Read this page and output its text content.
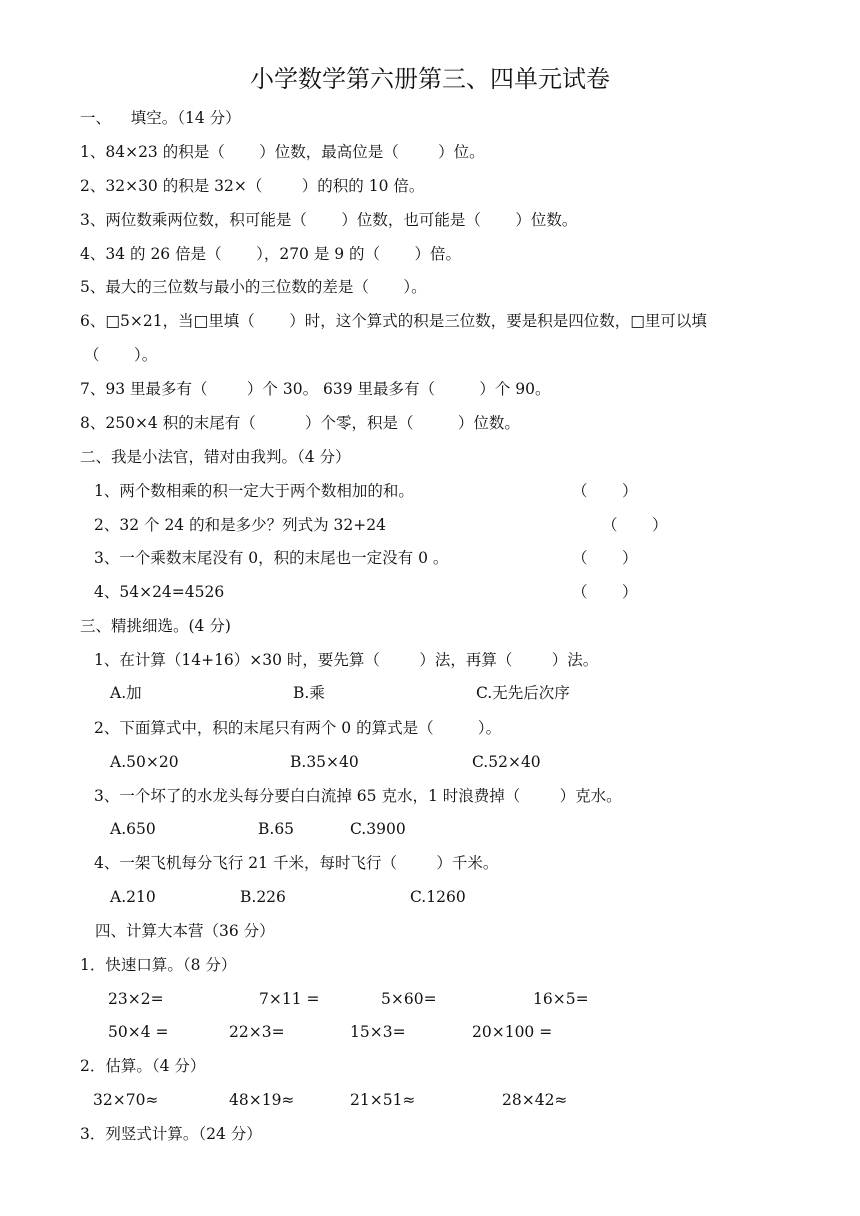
小学数学第六册第三、四单元试卷
一、    填空。（14 分）
1、84×23 的积是（       ）位数，最高位是（        ）位。
2、32×30 的积是 32×（        ）的积的 10 倍。
3、两位数乘两位数，积可能是（       ）位数，也可能是（       ）位数。
4、34 的 26 倍是（       ），270 是 9 的（       ）倍。
5、最大的三位数与最小的三位数的差是（       ）。
6、□5×21，当□里填（       ）时，这个算式的积是三位数，要是积是四位数，□里可以填
（       ）。
7、93 里最多有（        ）个 30。 639 里最多有（         ）个 90。
8、250×4 积的末尾有（          ）个零，积是（         ）位数。
二、我是小法官，错对由我判。（4 分）
1、两个数相乘的积一定大于两个数相加的和。	（       ）
2、32 个 24 的和是多少？列式为 32+24	（       ）
3、一个乘数末尾没有 0，积的末尾也一定没有 0 。	（       ）
4、54×24=4526	（       ）
三、精挑细选。(4 分)
1、在计算（14+16）×30 时，要先算（        ）法，再算（        ）法。
A.加	B.乘	C.无先后次序
2、下面算式中，积的末尾只有两个 0 的算式是（         ）。
A.50×20	B.35×40	C.52×40
3、一个坏了的水龙头每分要白白流掉 65 克水，1 时浪费掉（        ）克水。
A.650	B.65	C.3900
4、一架飞机每分飞行 21 千米，每时飞行（        ）千米。
A.210	B.226	C.1260
四、计算大本营（36 分）
1．快速口算。（8 分）
23×2=	7×11 =	5×60=	16×5=
50×4 =	22×3=	15×3=	20×100 =
2．估算。（4 分）
32×70≈	48×19≈	21×51≈	28×42≈
3．列竖式计算。（24 分）
